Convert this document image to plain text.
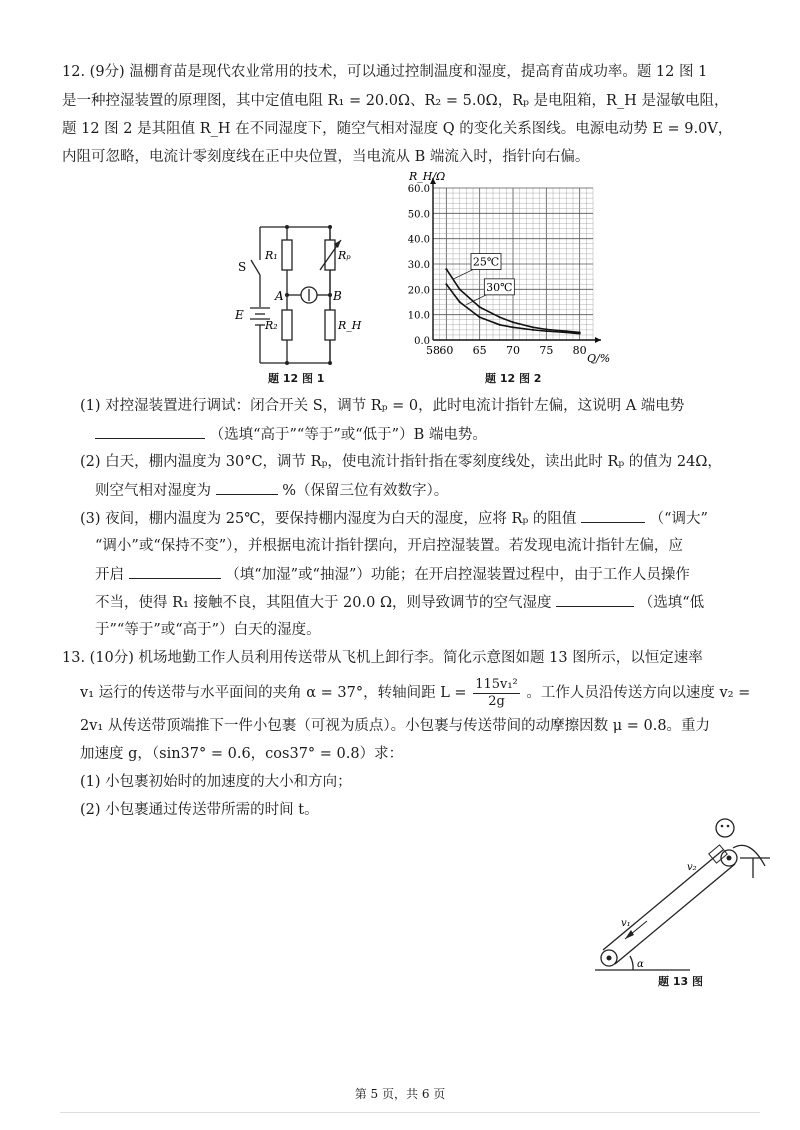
12. (9分) 温棚育苗是现代农业常用的技术，可以通过控制温度和湿度，提高育苗成功率。题 12 图 1
是一种控湿装置的原理图，其中定值电阻 R₁ = 20.0Ω、R₂ = 5.0Ω，Rₚ 是电阻箱，R_H 是湿敏电阻，
题 12 图 2 是其阻值 R_H 在不同湿度下，随空气相对湿度 Q 的变化关系图线。电源电动势 E = 9.0V，
内阻可忽略，电流计零刻度线在正中央位置，当电流从 B 端流入时，指针向右偏。
S
R₁	Rₚ
R₂	R_H
A	B
E
题 12 图 1
58 60 65 70 75 80
0.0
10.0
20.0
30.0
40.0
50.0
60.0
25℃
30℃
R_H/Ω
Q/%
题 12 图 2
(1) 对控湿装置进行调试：闭合开关 S，调节 Rₚ = 0，此时电流计指针左偏，这说明 A 端电势
（选填“高于”“等于”或“低于”）B 端电势。
(2) 白天，棚内温度为 30°C，调节 Rₚ，使电流计指针指在零刻度线处，读出此时 Rₚ 的值为 24Ω，
则空气相对湿度为	%（保留三位有效数字）。
(3) 夜间，棚内温度为 25℃，要保持棚内湿度为白天的湿度，应将 Rₚ 的阻值	（“调大”
“调小”或“保持不变”），并根据电流计指针摆向，开启控湿装置。若发现电流计指针左偏，应
开启	（填“加湿”或“抽湿”）功能；在开启控湿装置过程中，由于工作人员操作
不当，使得 R₁ 接触不良，其阻值大于 20.0 Ω，则导致调节的空气湿度	（选填“低
于”“等于”或“高于”）白天的湿度。
13. (10分) 机场地勤工作人员利用传送带从飞机上卸行李。简化示意图如题 13 图所示，以恒定速率
v₁ 运行的传送带与水平面间的夹角 α = 37°，转轴间距 $L = \frac{\text{115v₁²}}{2g}$ 。工作人员沿传送方向以速度 v₂ =
2v₁ 从传送带顶端推下一件小包裹（可视为质点）。小包裹与传送带间的动摩擦因数 μ = 0.8。重力
加速度 g，（sin37° = 0.6，cos37° = 0.8）求：
(1) 小包裹初始时的加速度的大小和方向；
(2) 小包裹通过传送带所需的时间 t。
v₁
v₂
α
题 13 图
第 5 页，共 6 页
